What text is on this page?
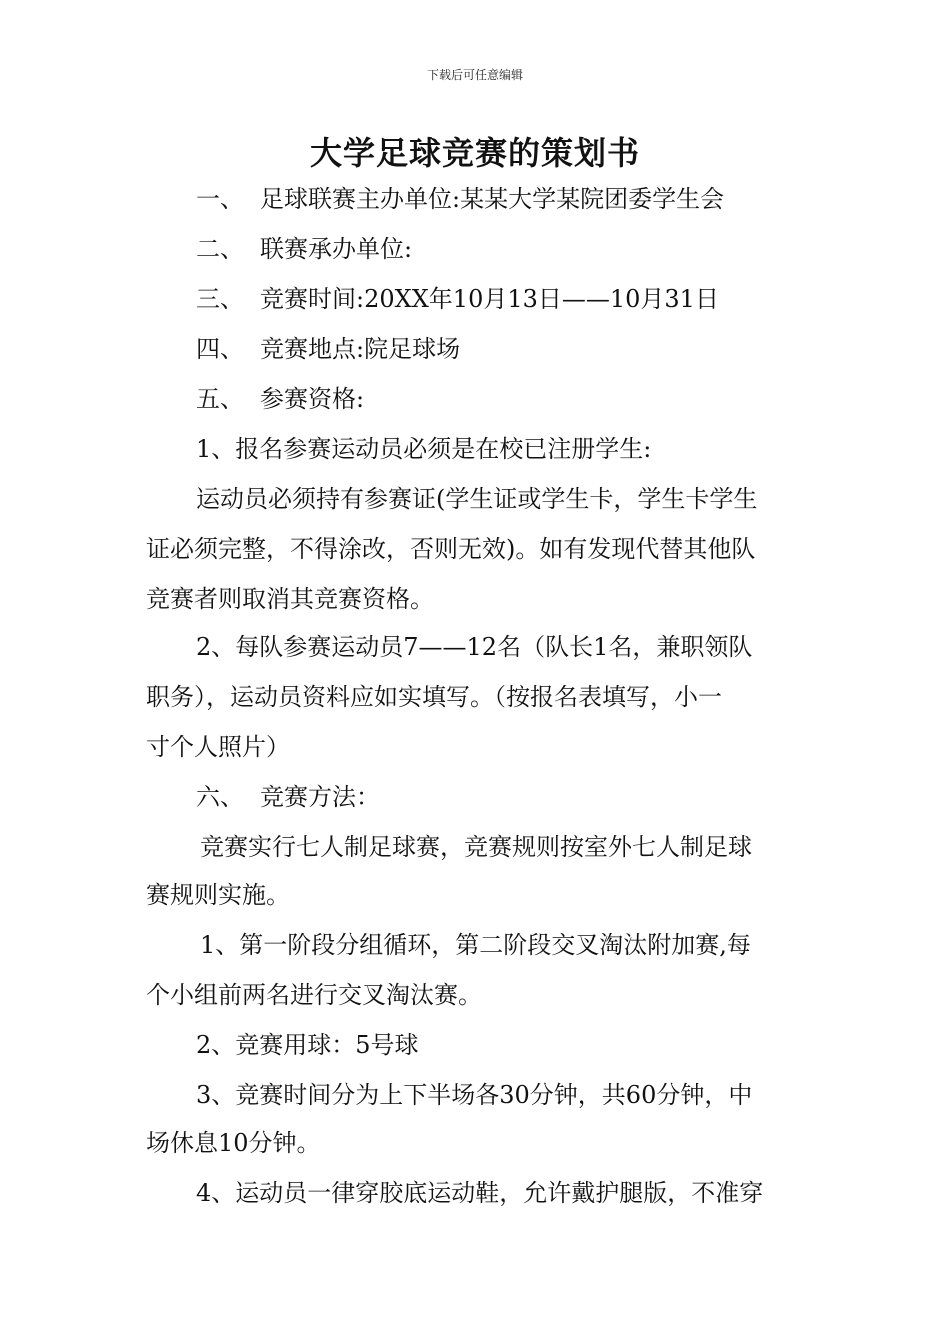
下载后可任意编辑
大学足球竞赛的策划书
一、 足球联赛主办单位:某某大学某院团委学生会
二、 联赛承办单位:
三、 竞赛时间:20XX年10月13日——10月31日
四、 竞赛地点:院足球场
五、 参赛资格:
1、报名参赛运动员必须是在校已注册学生:
运动员必须持有参赛证(学生证或学生卡，学生卡学生
证必须完整，不得涂改，否则无效)。如有发现代替其他队
竞赛者则取消其竞赛资格。
2、每队参赛运动员7——12名（队长1名，兼职领队
职务），运动员资料应如实填写。（按报名表填写，小一
寸个人照片）
六、 竞赛方法：
竞赛实行七人制足球赛，竞赛规则按室外七人制足球
赛规则实施。
1、第一阶段分组循环，第二阶段交叉淘汰附加赛,每
个小组前两名进行交叉淘汰赛。
2、竞赛用球：5号球
3、竞赛时间分为上下半场各30分钟，共60分钟，中
场休息10分钟。
4、运动员一律穿胶底运动鞋，允许戴护腿版，不准穿
